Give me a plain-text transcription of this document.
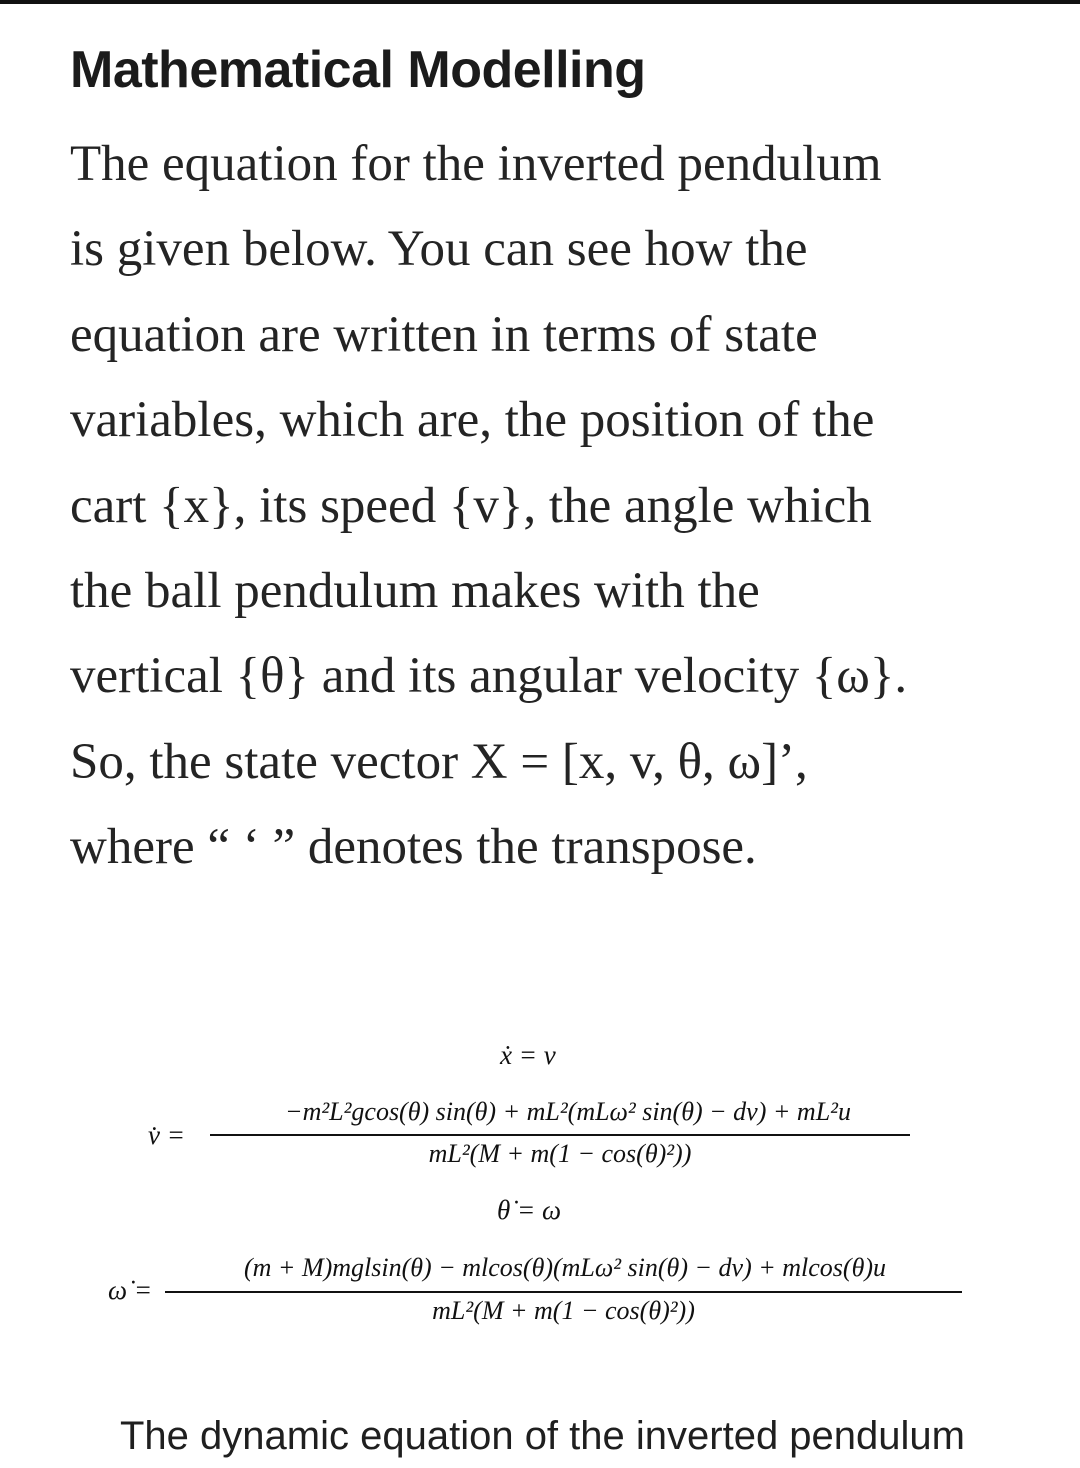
Mathematical Modelling
The equation for the inverted pendulum
is given below. You can see how the
equation are written in terms of state
variables, which are, the position of the
cart {x}, its speed {v}, the angle which
the ball pendulum makes with the
vertical {θ} and its angular velocity {ω}.
So, the state vector X = [x, v, θ, ω]’,
where “ ‘ ” denotes the transpose.
ẋ = v
v̇ =
−m²L²gcos(θ) sin(θ) + mL²(mLω² sin(θ) − dv) + mL²u
mL²(M + m(1 − cos(θ)²))
θ̇ = ω
ω̇ =
(m + M)mglsin(θ) − mlcos(θ)(mLω² sin(θ) − dv) + mlcos(θ)u
mL²(M + m(1 − cos(θ)²))

The dynamic equation of the inverted pendulum
